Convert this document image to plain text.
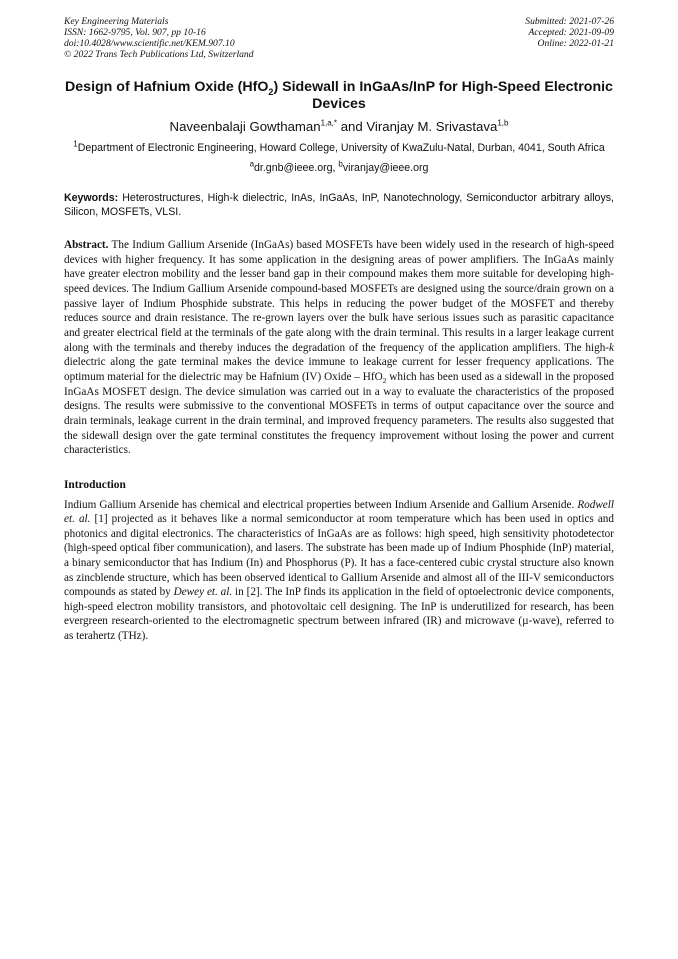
Key Engineering Materials
ISSN: 1662-9795, Vol. 907, pp 10-16
doi:10.4028/www.scientific.net/KEM.907.10
© 2022 Trans Tech Publications Ltd, Switzerland
Submitted: 2021-07-26
Accepted: 2021-09-09
Online: 2022-01-21
Design of Hafnium Oxide (HfO$_2$) Sidewall in InGaAs/InP for High-Speed Electronic Devices
Naveenbalaji Gowthaman$^{1,a,*}$ and Viranjay M. Srivastava$^{1,b}$
$^1$Department of Electronic Engineering, Howard College, University of KwaZulu-Natal, Durban, 4041, South Africa
$^a$dr.gnb@ieee.org, $^b$viranjay@ieee.org
Keywords: Heterostructures, High-k dielectric, InAs, InGaAs, InP, Nanotechnology, Semiconductor arbitrary alloys, Silicon, MOSFETs, VLSI.
Abstract. The Indium Gallium Arsenide (InGaAs) based MOSFETs have been widely used in the research of high-speed devices with higher frequency. It has some application in the designing areas of power amplifiers. The InGaAs mainly have greater electron mobility and the lesser band gap in their compound makes them more suitable for developing high-speed devices. The Indium Gallium Arsenide compound-based MOSFETs are designed using the source/drain grown on a passive layer of Indium Phosphide substrate. This helps in reducing the power budget of the MOSFET and thereby reduces source and drain resistance. The re-grown layers over the bulk have serious issues such as parasitic capacitance and greater electrical field at the terminals of the gate along with the drain terminal. This results in a larger leakage current along with the terminals and thereby induces the degradation of the frequency of the application amplifiers. The high-k dielectric along the gate terminal makes the device immune to leakage current for lesser frequency applications. The optimum material for the dielectric may be Hafnium (IV) Oxide – HfO$_2$ which has been used as a sidewall in the proposed InGaAs MOSFET design. The device simulation was carried out in a way to evaluate the characteristics of the proposed designs. The results were submissive to the conventional MOSFETs in terms of output capacitance over the source and drain terminals, leakage current in the drain terminal, and improved frequency parameters. The results also suggested that the sidewall design over the gate terminal constitutes the frequency improvement without losing the power and current characteristics.
Introduction
Indium Gallium Arsenide has chemical and electrical properties between Indium Arsenide and Gallium Arsenide. Rodwell et. al. [1] projected as it behaves like a normal semiconductor at room temperature which has been used in optics and photonics and digital electronics. The characteristics of InGaAs are as follows: high speed, high sensitivity photodetector (high-speed optical fiber communication), and lasers. The substrate has been made up of Indium Phosphide (InP) material, a binary semiconductor that has Indium (In) and Phosphorus (P). It has a face-centered cubic crystal structure also known as zincblende structure, which has been observed identical to Gallium Arsenide and almost all of the III-V semiconductors compounds as stated by Dewey et. al. in [2]. The InP finds its application in the field of optoelectronic device components, high-speed electron mobility transistors, and photovoltaic cell designing. The InP is underutilized for research, has been evergreen research-oriented to the electromagnetic spectrum between infrared (IR) and microwave (µ-wave), referred to as terahertz (THz).
